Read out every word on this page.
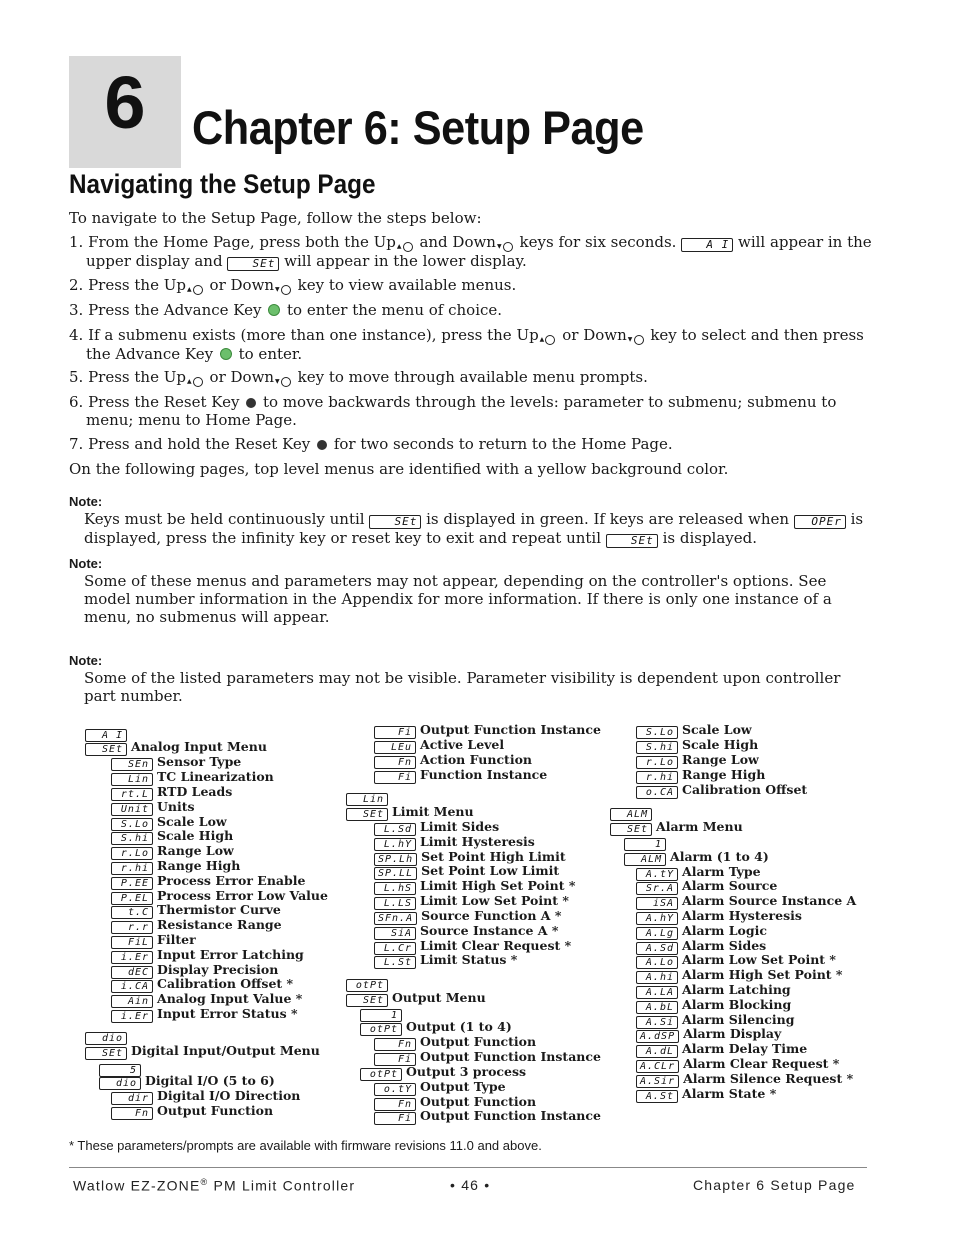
6 Chapter 6: Setup Page
Navigating the Setup Page
To navigate to the Setup Page, follow the steps below:
1. From the Home Page, press both the Up ▲ and Down ▼ keys for six seconds.	A I will appear in the upper display and	SEt will appear in the lower display.
2. Press the Up ▲ or Down ▼ key to view available menus.
3. Press the Advance Key to enter the menu of choice.
4. If a submenu exists (more than one instance), press the Up ▲ or Down ▼ key to select and then press the Advance Key to enter.
5. Press the Up ▲ or Down ▼ key to move through available menu prompts.
6. Press the Reset Key to move backwards through the levels: parameter to submenu; submenu to menu; menu to Home Page.
7. Press and hold the Reset Key for two seconds to return to the Home Page.
On the following pages, top level menus are identified with a yellow background color.
Note:
Keys must be held continuously until	SEt is displayed in green. If keys are released when OPEr is displayed, press the infinity key or reset key to exit and repeat until	SEt is displayed.
Note:
Some of these menus and parameters may not appear, depending on the controller's options. See model number information in the Appendix for more information. If there is only one instance of a menu, no submenus will appear.
Note:
Some of the listed parameters may not be visible. Parameter visibility is dependent upon controller part number.
A I
SEt Analog Input Menu
SEn Sensor Type
Lin TC Linearization
rt.L RTD Leads
Unit Units
S.Lo Scale Low
S.hi Scale High
r.Lo Range Low
r.hi Range High
P.EE Process Error Enable
P.EL Process Error Low Value
t.C Thermistor Curve
r.r Resistance Range
FiL Filter
i.Er Input Error Latching
dEC Display Precision
i.CA Calibration Offset *
Ain Analog Input Value *
i.Er Input Error Status *
dio
SEt Digital Input/Output Menu
5
dio Digital I/O (5 to 6)
dir Digital I/O Direction
Fn Output Function
Fi Output Function Instance
LEu Active Level
Fn Action Function
Fi Function Instance
Lin
SEt Limit Menu
L.Sd Limit Sides
L.hY Limit Hysteresis
SP.Lh Set Point High Limit
SP.LL Set Point Low Limit
L.hS Limit High Set Point *
L.LS Limit Low Set Point *
SFn.A Source Function A *
SiA Source Instance A *
L.Cr Limit Clear Request *
L.St Limit Status *
otPt
SEt Output Menu
1
otPt Output (1 to 4)
Fn Output Function
Fi Output Function Instance
otPt Output 3 process
o.tY Output Type
Fn Output Function
Fi Output Function Instance
S.Lo Scale Low
S.hi Scale High
r.Lo Range Low
r.hi Range High
o.CA Calibration Offset
ALM
SEt Alarm Menu
1
ALM Alarm (1 to 4)
A.tY Alarm Type
Sr.A Alarm Source
iSA Alarm Source Instance A
A.hY Alarm Hysteresis
A.Lg Alarm Logic
A.Sd Alarm Sides
A.Lo Alarm Low Set Point *
A.hi Alarm High Set Point *
A.LA Alarm Latching
A.bL Alarm Blocking
A.Si Alarm Silencing
A.dSP Alarm Display
A.dL Alarm Delay Time
A.CLr Alarm Clear Request *
A.Sir Alarm Silence Request *
A.St Alarm State *
* These parameters/prompts are available with firmware revisions 11.0 and above.
Watlow EZ-ZONE® PM Limit Controller	• 46 •	Chapter 6 Setup Page
